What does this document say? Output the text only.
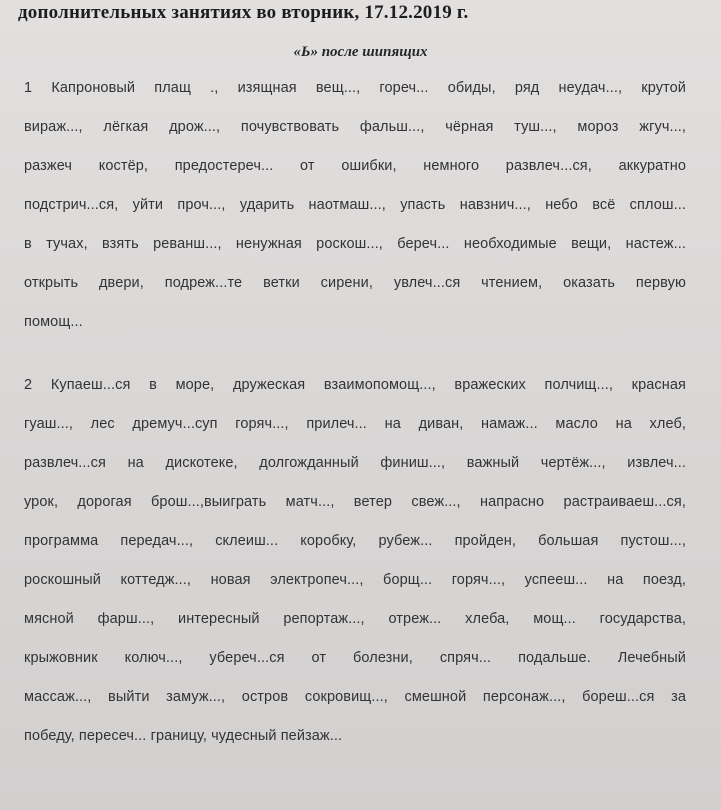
дополнительных занятиях во вторник, 17.12.2019 г.
«Ь» после шипящих
1 Капроновый плащ ., изящная вещ..., гореч... обиды, ряд неудач..., крутой
вираж..., лёгкая дрож..., почувствовать фальш..., чёрная туш..., мороз жгуч...,
разжеч костёр, предостереч... от ошибки, немного развлеч...ся, аккуратно
подстрич...ся, уйти проч..., ударить наотмаш..., упасть навзнич..., небо всё сплош...
в тучах, взять реванш..., ненужная роскош..., береч... необходимые вещи, настеж...
открыть двери, подреж...те ветки сирени, увлеч...ся чтением, оказать первую
помощ...
2 Купаеш...ся в море, дружеская взаимопомощ..., вражеских полчищ..., красная
гуаш..., лес дремуч...суп горяч..., прилеч... на диван, намаж... масло на хлеб,
развлеч...ся на дискотеке, долгожданный финиш..., важный чертёж..., извлеч...
урок, дорогая брош...,выиграть матч..., ветер свеж..., напрасно растраиваеш...ся,
программа передач..., склеиш... коробку, рубеж... пройден, большая пустош...,
роскошный коттедж..., новая электропеч..., борщ... горяч..., успееш... на поезд,
мясной фарш..., интересный репортаж..., отреж... хлеба, мощ... государства,
крыжовник колюч..., убереч...ся от болезни, спряч... подальше. Лечебный
массаж..., выйти замуж..., остров сокровищ..., смешной персонаж..., бореш...ся за
победу, пересеч... границу, чудесный пейзаж...
